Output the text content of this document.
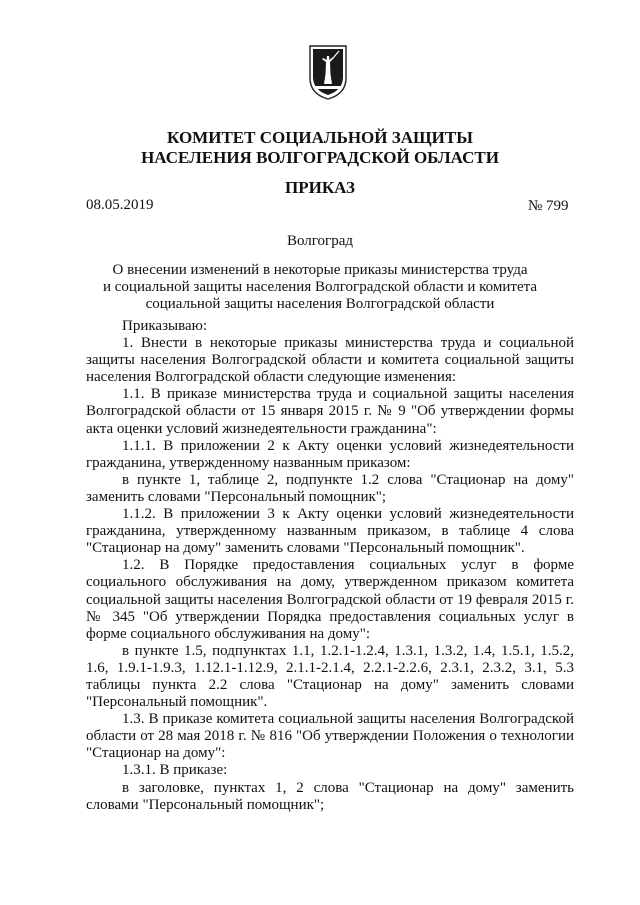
КОМИТЕТ СОЦИАЛЬНОЙ ЗАЩИТЫ
НАСЕЛЕНИЯ ВОЛГОГРАДСКОЙ ОБЛАСТИ
ПРИКАЗ
08.05.2019	№ 799
Волгоград
О внесении изменений в некоторые приказы министерства труда
и социальной защиты населения Волгоградской области и комитета
социальной защиты населения Волгоградской области

Приказываю:

1. Внести в некоторые приказы министерства труда и социальной защиты населения Волгоградской области и комитета социальной защиты населения Волгоградской области следующие изменения:

1.1. В приказе министерства труда и социальной защиты населения Волгоградской области от 15 января 2015 г. № 9 "Об утверждении формы акта оценки условий жизнедеятельности гражданина":

1.1.1. В приложении 2 к Акту оценки условий жизнедеятельности гражданина, утвержденному названным приказом:

в пункте 1, таблице 2, подпункте 1.2 слова "Стационар на дому" заменить словами "Персональный помощник";

1.1.2. В приложении 3 к Акту оценки условий жизнедеятельности гражданина, утвержденному названным приказом, в таблице 4 слова "Стационар на дому" заменить словами "Персональный помощник".

1.2. В Порядке предоставления социальных услуг в форме социального обслуживания на дому, утвержденном приказом комитета социальной защиты населения Волгоградской области от 19 февраля 2015 г. № 345 "Об утверждении Порядка предоставления социальных услуг в форме социального обслуживания на дому":

в пункте 1.5, подпунктах 1.1, 1.2.1-1.2.4, 1.3.1, 1.3.2, 1.4, 1.5.1, 1.5.2, 1.6, 1.9.1-1.9.3, 1.12.1-1.12.9, 2.1.1-2.1.4, 2.2.1-2.2.6, 2.3.1, 2.3.2, 3.1, 5.3 таблицы пункта 2.2 слова "Стационар на дому" заменить словами "Персональный помощник".

1.3. В приказе комитета социальной защиты населения Волгоградской области от 28 мая 2018 г. № 816 "Об утверждении Положения о технологии "Стационар на дому":

1.3.1. В приказе:

в заголовке, пунктах 1, 2 слова "Стационар на дому" заменить словами "Персональный помощник";
